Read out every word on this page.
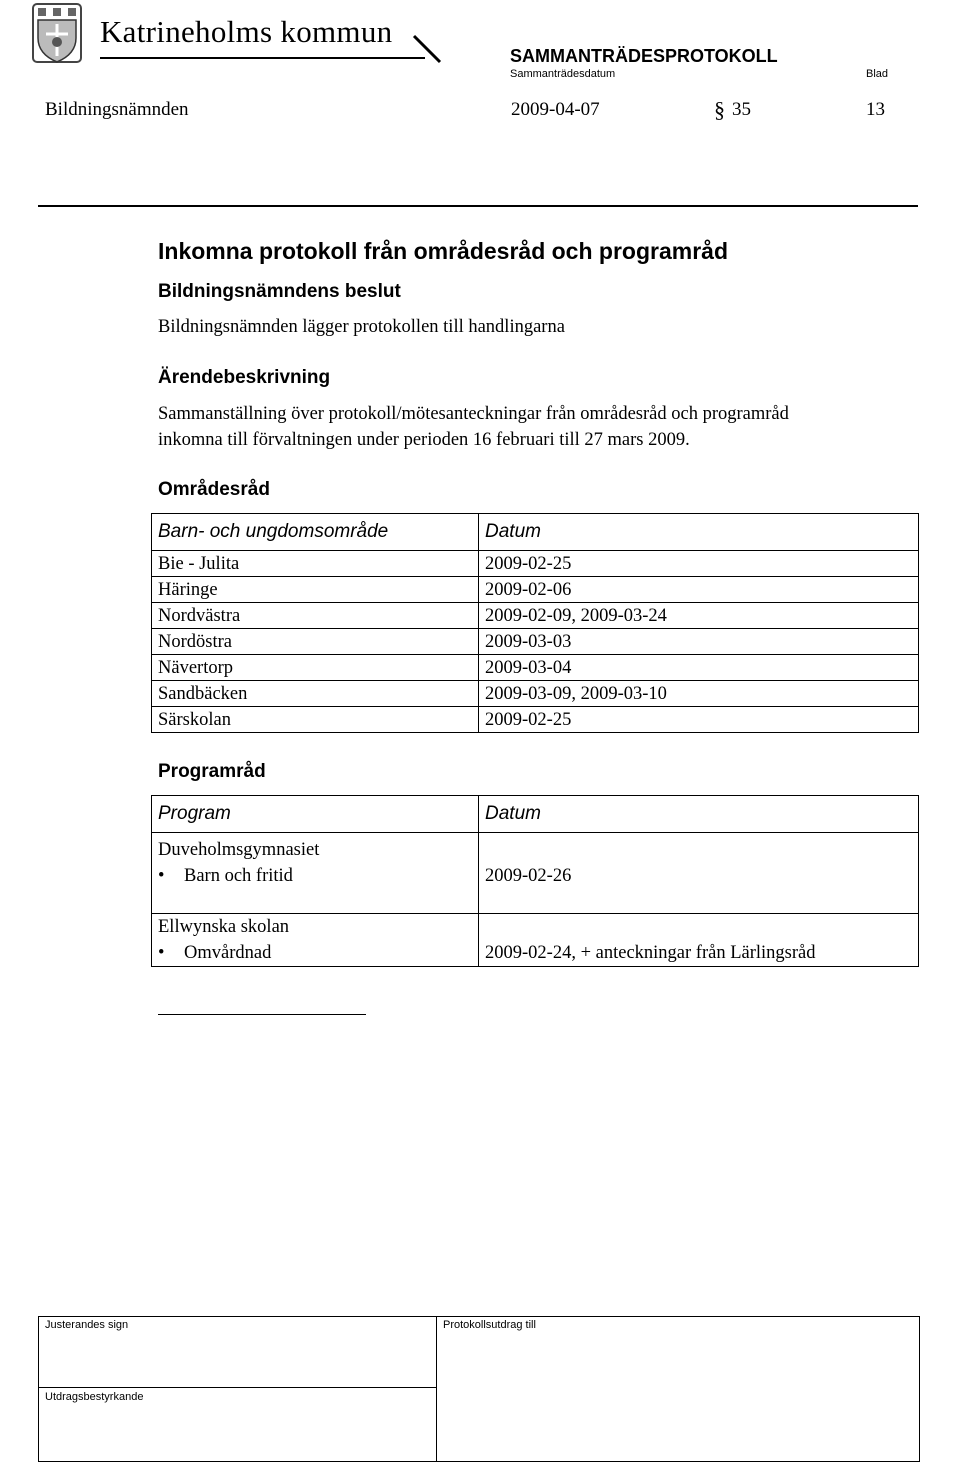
Katrineholms kommun
SAMMANTRÄDESPROTOKOLL
Sammanträdesdatum	Blad
Bildningsnämnden	2009-04-07	§ 35	13
Inkomna protokoll från områdesråd och programråd
Bildningsnämndens beslut
Bildningsnämnden lägger protokollen till handlingarna
Ärendebeskrivning
Sammanställning över protokoll/mötesanteckningar från områdesråd och programråd
inkomna till förvaltningen under perioden 16 februari till 27 mars 2009.
Områdesråd
Barn- och ungdomsområde	Datum
Bie - Julita	2009-02-25
Häringe	2009-02-06
Nordvästra	2009-02-09, 2009-03-24
Nordöstra	2009-03-03
Nävertorp	2009-03-04
Sandbäcken	2009-03-09, 2009-03-10
Särskolan	2009-02-25
Programråd
Program	Datum

Duveholmsgymnasiet
• Barn och fritid	2009-02-26

Ellwynska skolan
• Omvårdnad	2009-02-24, + anteckningar från Lärlingsråd
Justerandes sign	Protokollsutdrag till
Utdragsbestyrkande
